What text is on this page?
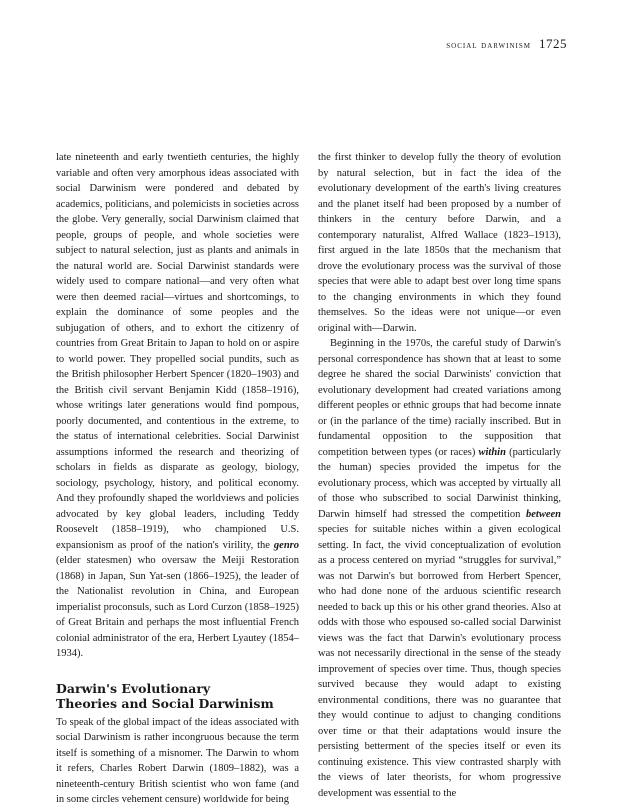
social darwinism 1725

late nineteenth and early twentieth centuries, the highly variable and often very amorphous ideas associated with social Darwinism were pondered and debated by academics, politicians, and polemicists in societies across the globe. Very generally, social Darwinism claimed that people, groups of people, and whole societies were subject to natural selection, just as plants and animals in the natural world are. Social Darwinist standards were widely used to compare national—and very often what were then deemed racial—virtues and shortcomings, to explain the dominance of some peoples and the subjugation of others, and to exhort the citizenry of countries from Great Britain to Japan to hold on or aspire to world power. They propelled social pundits, such as the British philosopher Herbert Spencer (1820–1903) and the British civil servant Benjamin Kidd (1858–1916), whose writings later generations would find pompous, poorly documented, and contentious in the extreme, to the status of international celebrities. Social Darwinist assumptions informed the research and theorizing of scholars in fields as disparate as geology, biology, sociology, psychology, history, and political economy. And they profoundly shaped the worldviews and policies advocated by key global leaders, including Teddy Roosevelt (1858–1919), who championed U.S. expansionism as proof of the nation's virility, the genro (elder statesmen) who oversaw the Meiji Restoration (1868) in Japan, Sun Yat-sen (1866–1925), the leader of the Nationalist revolution in China, and European imperialist proconsuls, such as Lord Curzon (1858–1925) of Great Britain and perhaps the most influential French colonial administrator of the era, Herbert Lyautey (1854–1934).

Darwin's Evolutionary
Theories and Social Darwinism

To speak of the global impact of the ideas associated with social Darwinism is rather incongruous because the term itself is something of a misnomer. The Darwin to whom it refers, Charles Robert Darwin (1809–1882), was a nineteenth-century British scientist who won fame (and in some circles vehement censure) worldwide for being

the first thinker to develop fully the theory of evolution by natural selection, but in fact the idea of the evolutionary development of the earth's living creatures and the planet itself had been proposed by a number of thinkers in the century before Darwin, and a contemporary naturalist, Alfred Wallace (1823–1913), first argued in the late 1850s that the mechanism that drove the evolutionary process was the survival of those species that were able to adapt best over long time spans to the changing environments in which they found themselves. So the ideas were not unique—or even original with—Darwin.

Beginning in the 1970s, the careful study of Darwin's personal correspondence has shown that at least to some degree he shared the social Darwinists' conviction that evolutionary development had created variations among different peoples or ethnic groups that had become innate or (in the parlance of the time) racially inscribed. But in fundamental opposition to the supposition that competition between types (or races) within (particularly the human) species provided the impetus for the evolutionary process, which was accepted by virtually all of those who subscribed to social Darwinist thinking, Darwin himself had stressed the competition between species for suitable niches within a given ecological setting. In fact, the vivid conceptualization of evolution as a process centered on myriad “struggles for survival,” was not Darwin's but borrowed from Herbert Spencer, who had done none of the arduous scientific research needed to back up this or his other grand theories. Also at odds with those who espoused so-called social Darwinist views was the fact that Darwin's evolutionary process was not necessarily directional in the sense of the steady improvement of species over time. Thus, though species survived because they would adapt to existing environmental conditions, there was no guarantee that they would continue to adjust to changing conditions over time or that their adaptations would insure the persisting betterment of the species itself or even its continuing existence. This view contrasted sharply with the views of later theorists, for whom progressive development was essential to the
